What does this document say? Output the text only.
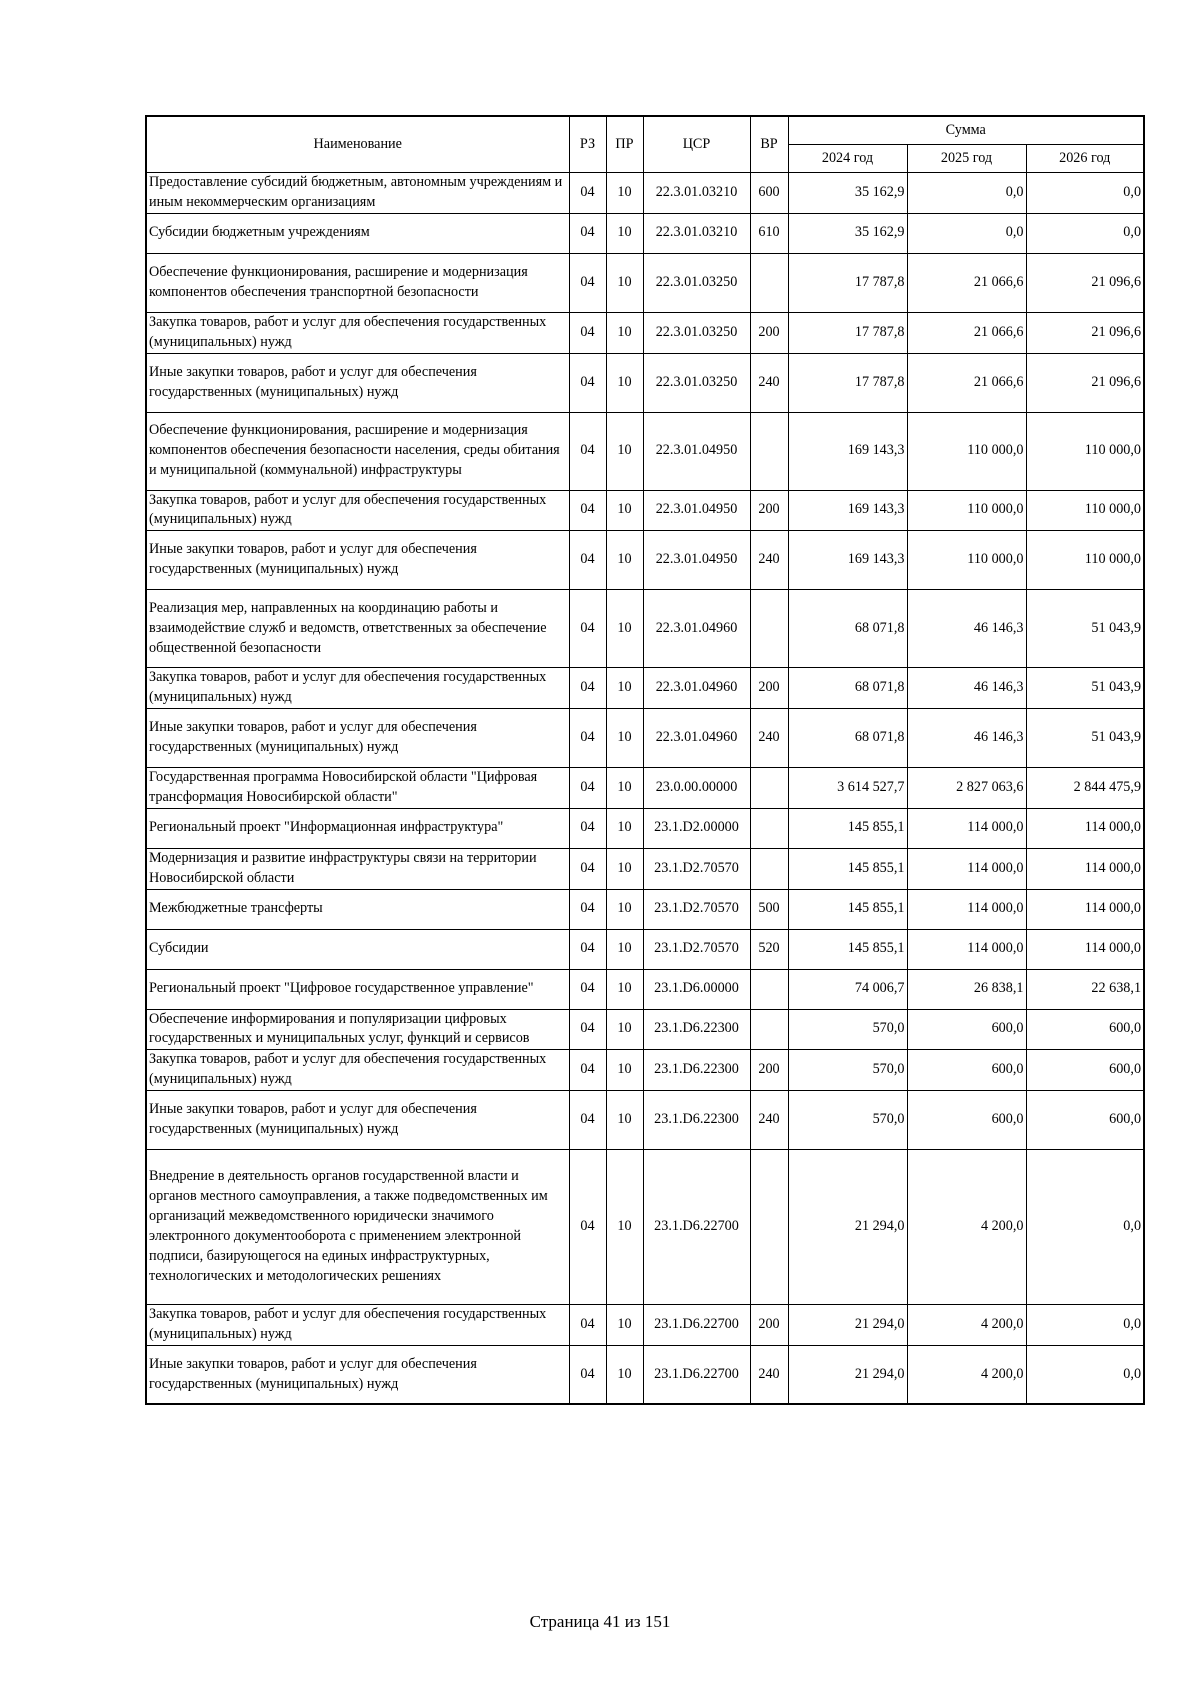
Наименование	РЗ	ПР	ЦСР	ВР	Сумма		
					2024 год	2025 год	2026 год
Предоставление субсидий бюджетным, автономным учреждениям и иным некоммерческим организациям	04	10	22.3.01.03210	600	35 162,9	0,0	0,0
Субсидии бюджетным учреждениям	04	10	22.3.01.03210	610	35 162,9	0,0	0,0
Обеспечение функционирования, расширение и модернизация компонентов обеспечения транспортной безопасности	04	10	22.3.01.03250		17 787,8	21 066,6	21 096,6
Закупка товаров, работ и услуг для обеспечения государственных (муниципальных) нужд	04	10	22.3.01.03250	200	17 787,8	21 066,6	21 096,6
Иные закупки товаров, работ и услуг для обеспечения государственных (муниципальных) нужд	04	10	22.3.01.03250	240	17 787,8	21 066,6	21 096,6
Обеспечение функционирования, расширение и модернизация компонентов обеспечения безопасности населения, среды обитания и муниципальной (коммунальной) инфраструктуры	04	10	22.3.01.04950		169 143,3	110 000,0	110 000,0
Закупка товаров, работ и услуг для обеспечения государственных (муниципальных) нужд	04	10	22.3.01.04950	200	169 143,3	110 000,0	110 000,0
Иные закупки товаров, работ и услуг для обеспечения государственных (муниципальных) нужд	04	10	22.3.01.04950	240	169 143,3	110 000,0	110 000,0
Реализация мер, направленных на координацию работы и взаимодействие служб и ведомств, ответственных за обеспечение общественной безопасности	04	10	22.3.01.04960		68 071,8	46 146,3	51 043,9
Закупка товаров, работ и услуг для обеспечения государственных (муниципальных) нужд	04	10	22.3.01.04960	200	68 071,8	46 146,3	51 043,9
Иные закупки товаров, работ и услуг для обеспечения государственных (муниципальных) нужд	04	10	22.3.01.04960	240	68 071,8	46 146,3	51 043,9
Государственная программа Новосибирской области "Цифровая трансформация Новосибирской области"	04	10	23.0.00.00000		3 614 527,7	2 827 063,6	2 844 475,9
Региональный проект "Информационная инфраструктура"	04	10	23.1.D2.00000		145 855,1	114 000,0	114 000,0
Модернизация и развитие инфраструктуры связи на территории Новосибирской области	04	10	23.1.D2.70570		145 855,1	114 000,0	114 000,0
Межбюджетные трансферты	04	10	23.1.D2.70570	500	145 855,1	114 000,0	114 000,0
Субсидии	04	10	23.1.D2.70570	520	145 855,1	114 000,0	114 000,0
Региональный проект "Цифровое государственное управление"	04	10	23.1.D6.00000		74 006,7	26 838,1	22 638,1
Обеспечение информирования и популяризации цифровых государственных и муниципальных услуг, функций и сервисов	04	10	23.1.D6.22300		570,0	600,0	600,0
Закупка товаров, работ и услуг для обеспечения государственных (муниципальных) нужд	04	10	23.1.D6.22300	200	570,0	600,0	600,0
Иные закупки товаров, работ и услуг для обеспечения государственных (муниципальных) нужд	04	10	23.1.D6.22300	240	570,0	600,0	600,0
Внедрение в деятельность органов государственной власти и органов местного самоуправления, а также подведомственных им организаций межведомственного юридически значимого электронного документооборота с применением электронной подписи, базирующегося на единых инфраструктурных, технологических и методологических решениях	04	10	23.1.D6.22700		21 294,0	4 200,0	0,0
Закупка товаров, работ и услуг для обеспечения государственных (муниципальных) нужд	04	10	23.1.D6.22700	200	21 294,0	4 200,0	0,0
Иные закупки товаров, работ и услуг для обеспечения государственных (муниципальных) нужд	04	10	23.1.D6.22700	240	21 294,0	4 200,0	0,0
Страница 41 из 151
